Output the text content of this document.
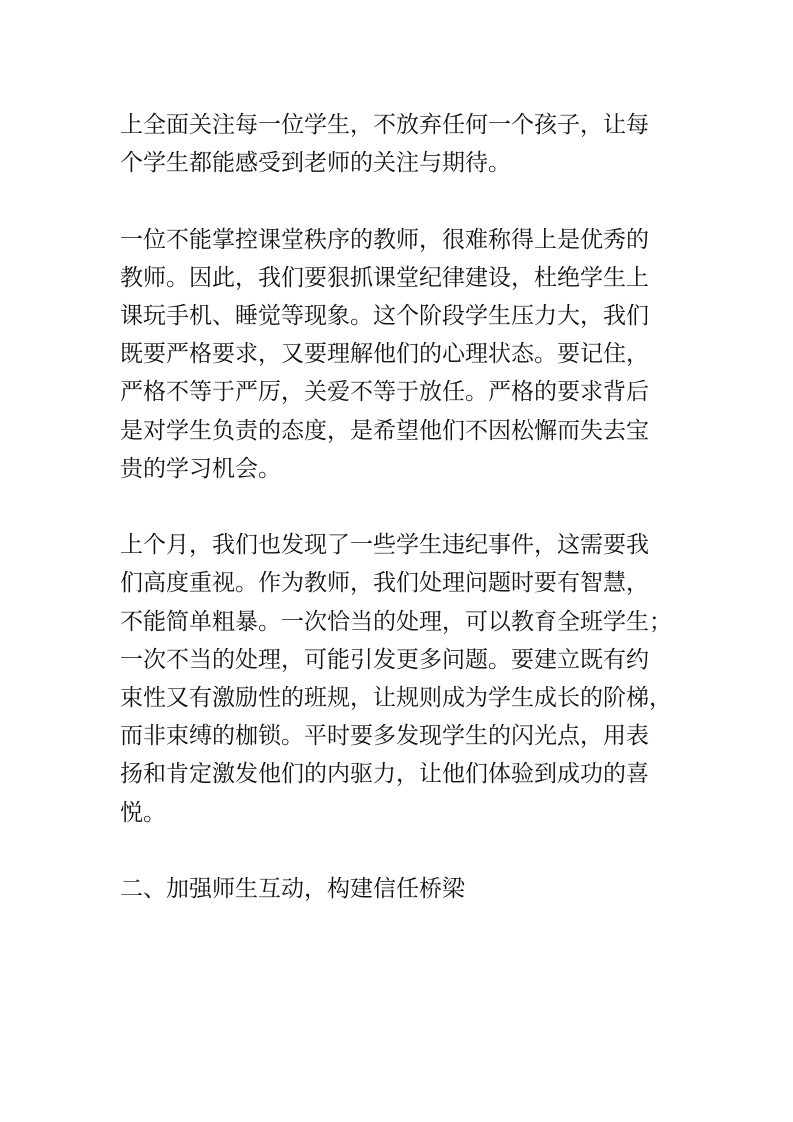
上全面关注每一位学生，不放弃任何一个孩子，让每
个学生都能感受到老师的关注与期待。

一位不能掌控课堂秩序的教师，很难称得上是优秀的
教师。因此，我们要狠抓课堂纪律建设，杜绝学生上
课玩手机、睡觉等现象。这个阶段学生压力大，我们
既要严格要求，又要理解他们的心理状态。要记住，
严格不等于严厉，关爱不等于放任。严格的要求背后
是对学生负责的态度，是希望他们不因松懈而失去宝
贵的学习机会。

上个月，我们也发现了一些学生违纪事件，这需要我
们高度重视。作为教师，我们处理问题时要有智慧，
不能简单粗暴。一次恰当的处理，可以教育全班学生；
一次不当的处理，可能引发更多问题。要建立既有约
束性又有激励性的班规，让规则成为学生成长的阶梯，
而非束缚的枷锁。平时要多发现学生的闪光点，用表
扬和肯定激发他们的内驱力，让他们体验到成功的喜
悦。

二、加强师生互动，构建信任桥梁
